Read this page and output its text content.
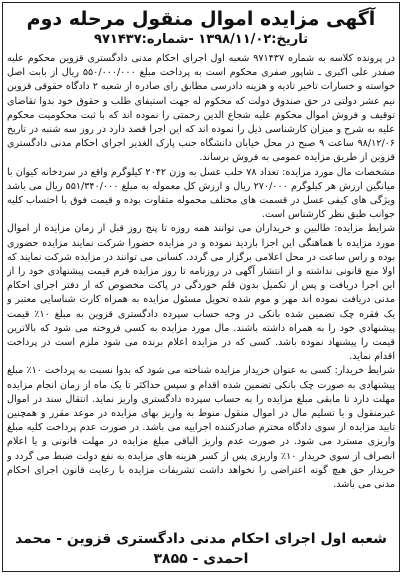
آگهی مزایده اموال منقول مرحله دوم
تاریخ:۱۳۹۸/۱۱/۰۲ -شماره:۹۷۱۴۳۷

در پرونده کلاسه به شماره ۹۷۱۴۳۷ شعبه اول اجرای احکام مدنی دادگستری قزوین محکوم علیه صفدر علی اکبری ـ شاپور صفری محکوم است به پرداخت مبلغ ۵۵۰/۰۰۰/۰۰۰ ریال از بابت اصل خواسته و خسارات تاخیر تادیه و هزینه دادرسی مطابق رای صادره از شعبه ۲ دادگاه حقوقی قزوین نیم عشر دولتی در حق صندوق دولت که محکوم له جهت استیفای طلب و حقوق خود بدوا تقاضای توقیف و فروش اموال محکوم علیه شجاع الدین رحمتی را نموده اند که با ثبت محکومیت محکوم علیه به شرح و میزان کارشناسی ذیل را نموده اند که این اجرا قصد دارد در روز سه شنبه در تاریخ ۹۸/۱۲/۰۶ ساعت ۹ صبح در محل خیابان دانشگاه جنب پارک الغدیر اجرای احکام مدنی دادگستری قزوین از طریق مزایده عمومی به فروش برساند.

مشخصات مال مورد مزایده: تعداد ۷۸ حلب عسل به وزن ۲۰۴۲ کیلوگرم واقع در سردخانه کیوان با میانگین ارزش هر کیلوگرم ۲۷۰/۰۰۰ ریال و ارزش کل معموله به مبلغ ۵۵۱/۳۴۰/۰۰۰ ریال می باشد ویژگی های کیفی عسل در قسمت های مختلف محموله متفاوت بوده و قیمت فوق با احتساب کلیه جوانب طبق نظر کارشناس است.

شرایط مزایده: طالبین و خریداران می توانند همه روزه تا پنج روز قبل از زمان مزایده از اموال مورد مزایده با هماهنگی این اجرا بازدید نموده و در مزایده حضورا شرکت نمایند مزایده حضوری بوده و راس ساعت در محل اعلامی برگزار می گردد. کسانی می توانند در مزایده شرکت نمایند که اولا منع قانونی نداشته و از انتشار آگهی در روزنامه تا روز مزایده فرم قیمت پیشنهادی خود را از این اجرا دریافت و پس از تکمیل بدون قلم خوردگی در پاکت مخصوص که از دفتر اجرای احکام مدنی دریافت نموده اند مهر و موم شده تحویل مسئول مزایده به همراه کارت شناسایی معتبر و یک فقره چک تضمین شده بانکی در وجه حساب سپرده دادگستری قزوین به مبلغ ۱۰٪ قیمت پیشنهادی خود را به همراه داشته باشند. مال مورد مزایده به کسی فروخته می شود که بالاترین قیمت را پیشنهاد نموده باشد. کسی که در مزایده اعلام برنده می شود ملزم است در پرداخت اقدام نماید.

شرایط خریدار: کسی به عنوان خریدار مزایده شناخته می شود که بدوا نسبت به پرداخت ۱۰٪ مبلغ پیشنهادی به صورت چک بانکی تضمین شده اقدام و سپس حداکثر تا یک ماه از زمان انجام مزایده مهلت دارد تا مابقی مبلغ مزایده را به حساب سپرده دادگستری واریز نماید. انتقال سند در اموال غیرمنقول و یا تسلیم مال در اموال منقول منوط به واریز بهای مزایده در موعد مقرر و همچنین تایید مزایده از سوی دادگاه محترم صادرکننده اجراییه می باشد. در صورت عدم پرداخت کلیه مبلغ واریزی مسترد می شود. در صورت عدم واریز الباقی مبلغ مزایده در مهلت قانونی و یا اعلام انصراف از سوی خریدار ۱۰٪ واریزی پس از کسر هزینه های مزایده به نفع دولت ضبط می گردد و خریدار حق هیچ گونه اعتراضی را نخواهد داشت تشریفات مزایده با رعایت قانون اجرای احکام مدنی می باشد.

شعبه اول اجرای احکام مدنی دادگستری قزوین - محمد احمدی - ۳۸۵۵
